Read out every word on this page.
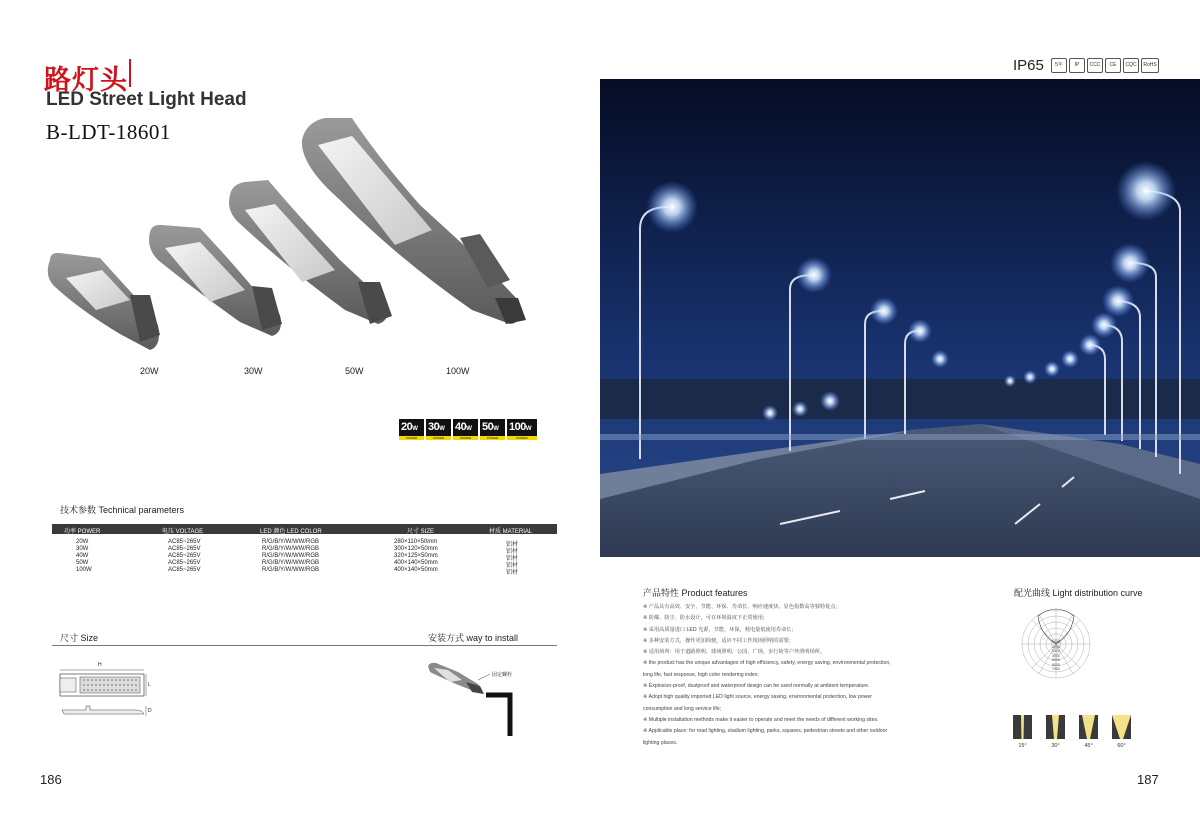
路灯头
LED Street Light Head
B-LDT-18601
20W	30W	50W	100W
20W
POWER
30W
POWER
40W
POWER
50W
POWER
100W
POWER
技术参数 Technical parameters
功率 POWER	电压 VOLTAGE	LED 颜色 LED COLOR	尺寸 SIZE	材质 MATERIAL
20W	AC85~265V	R/G/B/Y/W/WW/RGB	280×110×50mm	铝材
30W	AC85~265V	R/G/B/Y/W/WW/RGB	300×120×50mm	铝材
40W	AC85~265V	R/G/B/Y/W/WW/RGB	320×125×50mm	铝材
50W	AC85~265V	R/G/B/Y/W/WW/RGB	400×140×50mm	铝材
100W	AC85~265V	R/G/B/Y/W/WW/RGB	400×140×50mm	铝材
尺寸 Size	安装方式 way to install
H
L
D
固定螺栓
186
IP65	5年	IP	CCC	CE	CQC	RoHS
产品特性 Product features	配光曲线 Light distribution curve
※ 产品具有高效、安全、节能、环保、寿命长、响应速度快、显色指数高等独特优点;
※ 防爆、防尘、防水设计，可在环境温度下正常使用;
※ 采用高质量进口 LED 光源，节能、环保，耗电量低使用寿命长;
※ 多种安装方式，操作更加简便，适应不同工作现场照明的需要;
※ 适用场所：用于道路照明、球场照明、公园、广场、步行街等户外照明场所。
※ the product has the unique advantages of high efficiency, safety, energy saving, environmental protection,
long life, fast response, high color rendering index;
※ Explosion-proof, dustproof and waterproof design can be used normally at ambient temperature.
※ Adopt high quality imported LED light source, energy saving, environmental protection, low power
consumption and long service life;
※ Multiple installation methods make it easier to operate and meet the needs of different working sites.
※ Applicable place: for road lighting, stadium lighting, parks, squares, pedestrian streets and other outdoor
lighting places.
1000
2000
3000
4000
5000
6000
7000
15°	30°	45°	60°
187
